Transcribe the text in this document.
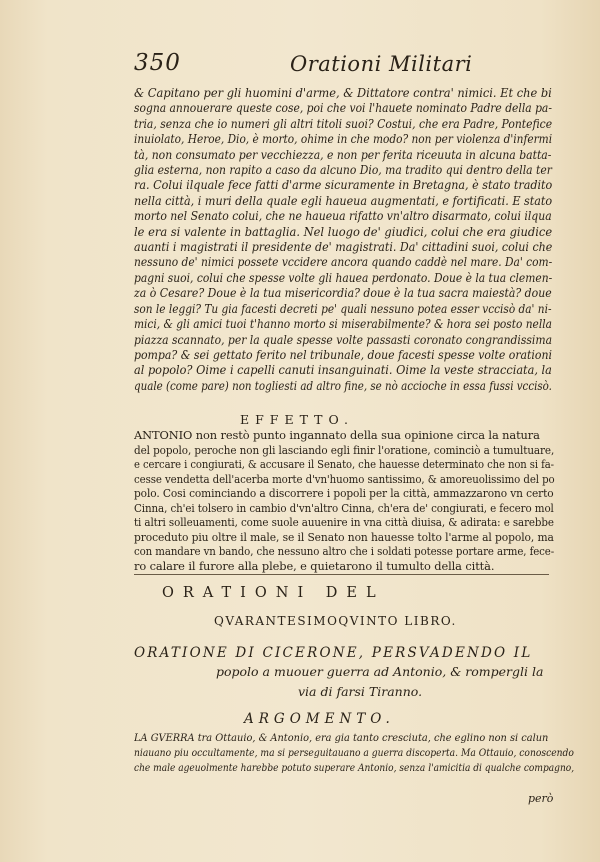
350	Orationi Militari
& Capitano per gli huomini d'arme, & Dittatore contra' nimici. Et che bi
sogna annouerare queste cose, poi che voi l'hauete nominato Padre della pa-
tria, senza che io numeri gli altri titoli suoi? Costui, che era Padre, Pontefice
inuiolato, Heroe, Dio, è morto, ohime in che modo? non per violenza d'infermi
tà, non consumato per vecchiezza, e non per ferita riceuuta in alcuna batta-
glia esterna, non rapito a caso da alcuno Dio, ma tradito qui dentro della ter
ra. Colui ilquale fece fatti d'arme sicuramente in Bretagna, è stato tradito
nella città, i muri della quale egli haueua augmentati, e fortificati. E stato
morto nel Senato colui, che ne haueua rifatto vn'altro disarmato, colui ilqua
le era si valente in battaglia. Nel luogo de' giudici, colui che era giudice
auanti i magistrati il presidente de' magistrati. Da' cittadini suoi, colui che
nessuno de' nimici possete vccidere ancora quando caddè nel mare. Da' com-
pagni suoi, colui che spesse volte gli hauea perdonato. Doue è la tua clemen-
za ò Cesare? Doue è la tua misericordia? doue è la tua sacra maiestà? doue
son le leggi? Tu gia facesti decreti pe' quali nessuno potea esser vccisò da' ni-
mici, & gli amici tuoi t'hanno morto si miserabilmente? & hora sei posto nella
piazza scannato, per la quale spesse volte passasti coronato congrandissima
pompa? & sei gettato ferito nel tribunale, doue facesti spesse volte orationi
al popolo? Oime i capelli canuti insanguinati. Oime la veste stracciata, la
quale (come pare) non togliesti ad altro fine, se nò accioche in essa fussi vccisò.
EFFETTO.
ANTONIO non restò punto ingannato della sua opinione circa la natura
del popolo, peroche non gli lasciando egli finir l'oratione, cominciò a tumultuare,
e cercare i congiurati, & accusare il Senato, che hauesse determinato che non si fa-
cesse vendetta dell'acerba morte d'vn'huomo santissimo, & amoreuolissimo del po
polo. Cosi cominciando a discorrere i popoli per la città, ammazzarono vn certo
Cinna, ch'ei tolsero in cambio d'vn'altro Cinna, ch'era de' congiurati, e fecero mol
ti altri solleuamenti, come suole auuenire in vna città diuisa, & adirata: e sarebbe
proceduto piu oltre il male, se il Senato non hauesse tolto l'arme al popolo, ma
con mandare vn bando, che nessuno altro che i soldati potesse portare arme, fece-
ro calare il furore alla plebe, e quietarono il tumulto della città.
ORATIONI DEL
QVARANTESIMOQVINTO LIBRO.
ORATIONE DI CICERONE, PERSVADENDO IL
popolo a muouer guerra ad Antonio, & rompergli la
via di farsi Tiranno.
ARGOMENTO.
LA GVERRA tra Ottauio, & Antonio, era gia tanto cresciuta, che eglino non si calun
niauano piu occultamente, ma si perseguitauano a guerra discoperta. Ma Ottauio, conoscendo
che male ageuolmente harebbe potuto superare Antonio, senza l'amicitia di qualche compagno,
però
